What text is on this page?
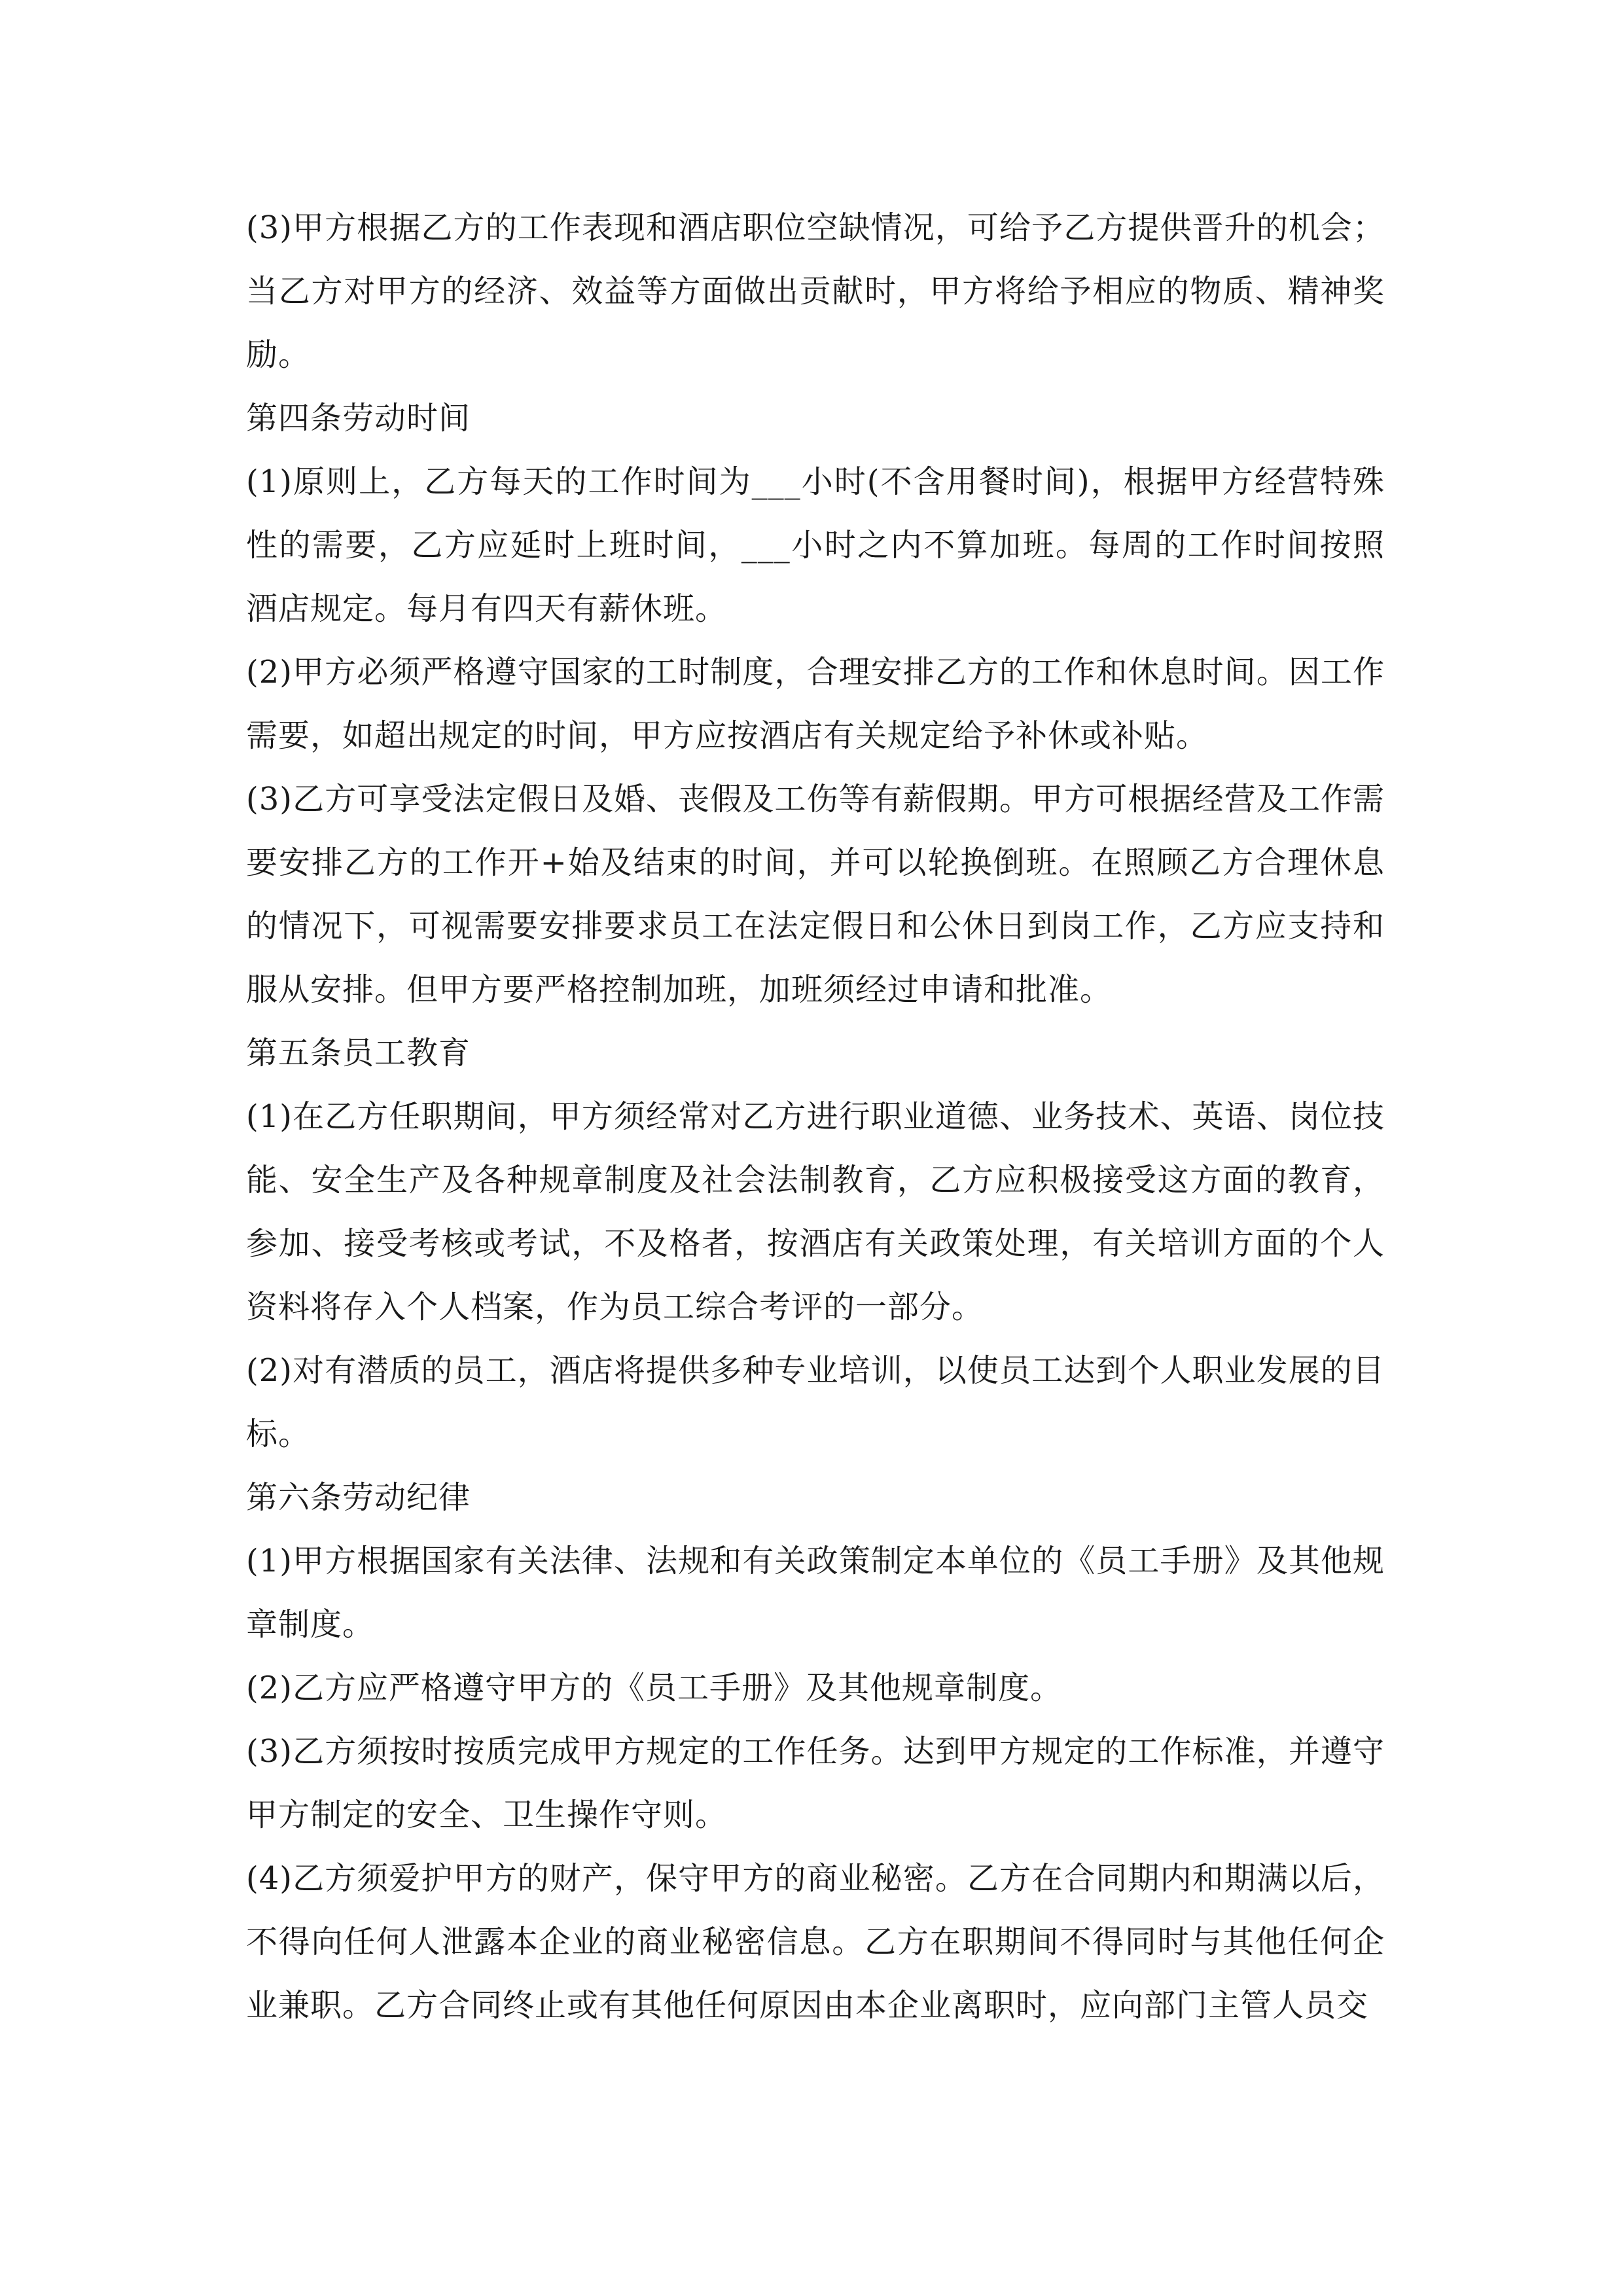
(3)甲方根据乙方的工作表现和酒店职位空缺情况，可给予乙方提供晋升的机会；当乙方对甲方的经济、效益等方面做出贡献时，甲方将给予相应的物质、精神奖励。

第四条劳动时间

(1)原则上，乙方每天的工作时间为___小时(不含用餐时间)，根据甲方经营特殊性的需要，乙方应延时上班时间，___小时之内不算加班。每周的工作时间按照酒店规定。每月有四天有薪休班。

(2)甲方必须严格遵守国家的工时制度，合理安排乙方的工作和休息时间。因工作需要，如超出规定的时间，甲方应按酒店有关规定给予补休或补贴。

(3)乙方可享受法定假日及婚、丧假及工伤等有薪假期。甲方可根据经营及工作需要安排乙方的工作开+始及结束的时间，并可以轮换倒班。在照顾乙方合理休息的情况下，可视需要安排要求员工在法定假日和公休日到岗工作，乙方应支持和服从安排。但甲方要严格控制加班，加班须经过申请和批准。

第五条员工教育

(1)在乙方任职期间，甲方须经常对乙方进行职业道德、业务技术、英语、岗位技能、安全生产及各种规章制度及社会法制教育，乙方应积极接受这方面的教育，参加、接受考核或考试，不及格者，按酒店有关政策处理，有关培训方面的个人资料将存入个人档案，作为员工综合考评的一部分。

(2)对有潜质的员工，酒店将提供多种专业培训，以使员工达到个人职业发展的目标。

第六条劳动纪律

(1)甲方根据国家有关法律、法规和有关政策制定本单位的《员工手册》及其他规章制度。

(2)乙方应严格遵守甲方的《员工手册》及其他规章制度。

(3)乙方须按时按质完成甲方规定的工作任务。达到甲方规定的工作标准，并遵守甲方制定的安全、卫生操作守则。

(4)乙方须爱护甲方的财产，保守甲方的商业秘密。乙方在合同期内和期满以后，不得向任何人泄露本企业的商业秘密信息。乙方在职期间不得同时与其他任何企业兼职。乙方合同终止或有其他任何原因由本企业离职时，应向部门主管人员交
